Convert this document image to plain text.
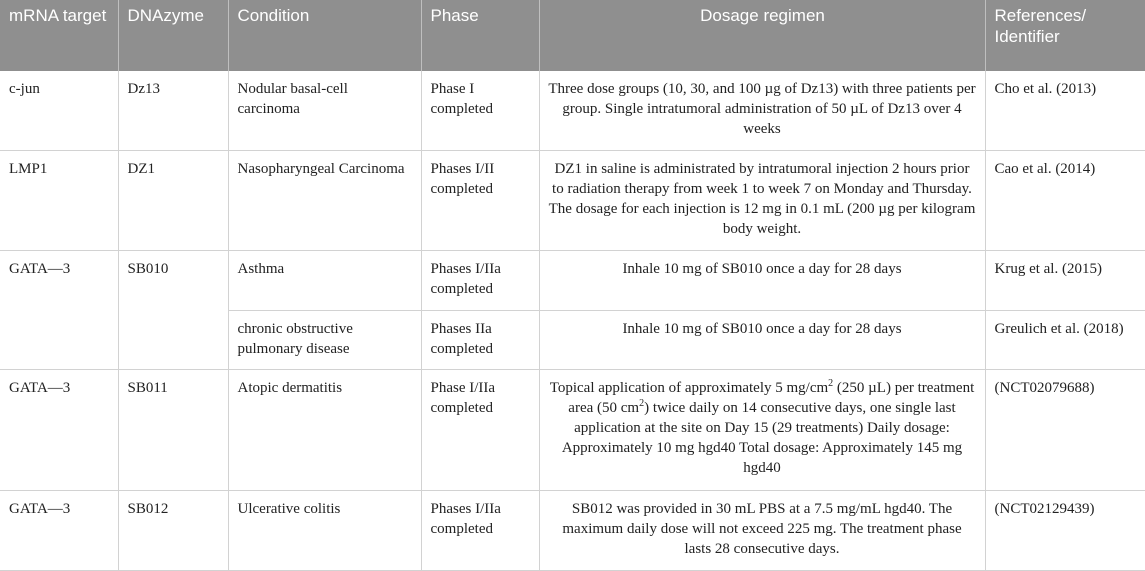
mRNA target	DNAzyme	Condition	Phase	Dosage regimen	References/ Identifier
c-jun	Dz13	Nodular basal-cell carcinoma	Phase I completed	Three dose groups (10, 30, and 100 µg of Dz13) with three patients per group. Single intratumoral administration of 50 µL of Dz13 over 4 weeks	Cho et al. (2013)
LMP1	DZ1	Nasopharyngeal Carcinoma	Phases I/II completed	DZ1 in saline is administrated by intratumoral injection 2 hours prior to radiation therapy from week 1 to week 7 on Monday and Thursday. The dosage for each injection is 12 mg in 0.1 mL (200 µg per kilogram body weight.	Cao et al. (2014)
GATA—3	SB010	Asthma	Phases I/IIa completed	Inhale 10 mg of SB010 once a day for 28 days	Krug et al. (2015)
		chronic obstructive pulmonary disease	Phases IIa completed	Inhale 10 mg of SB010 once a day for 28 days	Greulich et al. (2018)
GATA—3	SB011	Atopic dermatitis	Phase I/IIa completed	Topical application of approximately 5 $mg/cm^2$ (250 µL) per treatment area (50 $cm^2$) twice daily on 14 consecutive days, one single last application at the site on Day 15 (29 treatments) Daily dosage: Approximately 10 mg hgd40 Total dosage: Approximately 145 mg hgd40	(NCT02079688)
GATA—3	SB012	Ulcerative colitis	Phases I/IIa completed	SB012 was provided in 30 mL PBS at a 7.5 mg/mL hgd40. The maximum daily dose will not exceed 225 mg. The treatment phase lasts 28 consecutive days.	(NCT02129439)
